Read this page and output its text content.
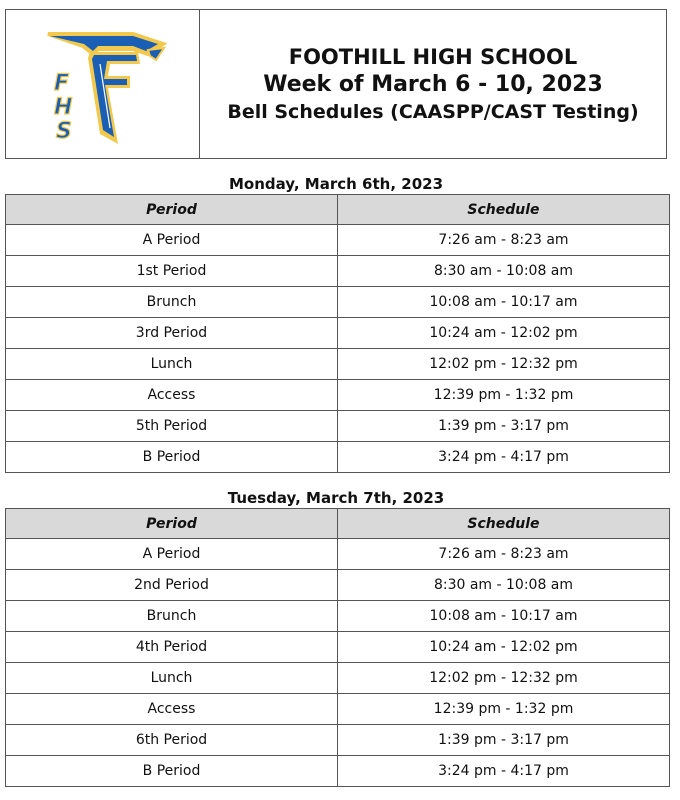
F
H
S
FOOTHILL HIGH SCHOOL
Week of March 6 - 10, 2023
Bell Schedules (CAASPP/CAST Testing)
Monday, March 6th, 2023
Period	Schedule
A Period	7:26 am - 8:23 am
1st Period	8:30 am - 10:08 am
Brunch	10:08 am - 10:17 am
3rd Period	10:24 am - 12:02 pm
Lunch	12:02 pm - 12:32 pm
Access	12:39 pm - 1:32 pm
5th Period	1:39 pm - 3:17 pm
B Period	3:24 pm - 4:17 pm
Tuesday, March 7th, 2023
Period	Schedule
A Period	7:26 am - 8:23 am
2nd Period	8:30 am - 10:08 am
Brunch	10:08 am - 10:17 am
4th Period	10:24 am - 12:02 pm
Lunch	12:02 pm - 12:32 pm
Access	12:39 pm - 1:32 pm
6th Period	1:39 pm - 3:17 pm
B Period	3:24 pm - 4:17 pm
